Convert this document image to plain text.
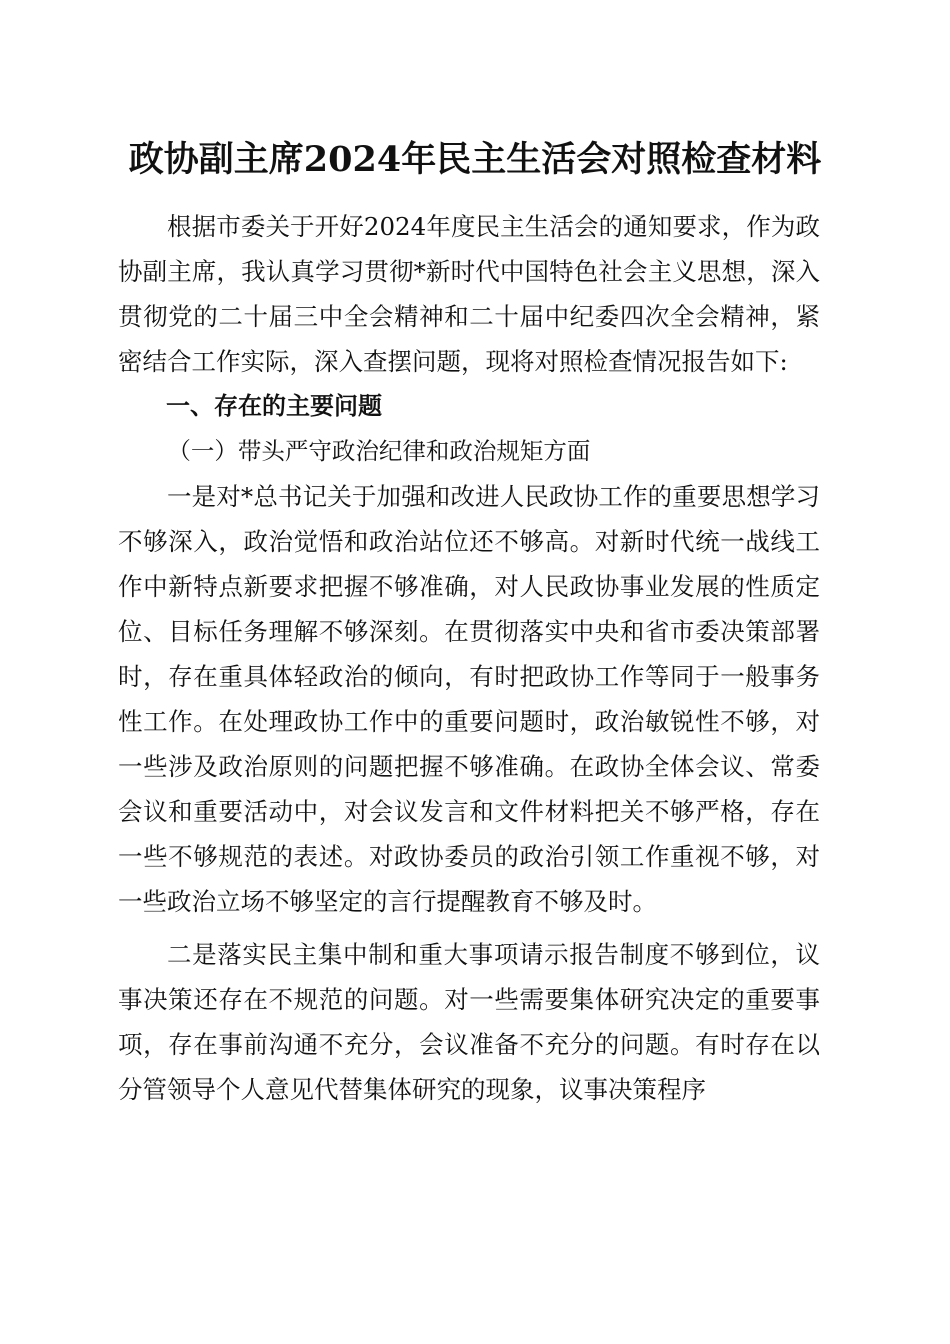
政协副主席2024年民主生活会对照检查材料

根据市委关于开好2024年度民主生活会的通知要求，作为政协副主席，我认真学习贯彻*新时代中国特色社会主义思想，深入贯彻党的二十届三中全会精神和二十届中纪委四次全会精神，紧密结合工作实际，深入查摆问题，现将对照检查情况报告如下:

一、存在的主要问题

（一）带头严守政治纪律和政治规矩方面

一是对*总书记关于加强和改进人民政协工作的重要思想学习不够深入，政治觉悟和政治站位还不够高。对新时代统一战线工作中新特点新要求把握不够准确，对人民政协事业发展的性质定位、目标任务理解不够深刻。在贯彻落实中央和省市委决策部署时，存在重具体轻政治的倾向，有时把政协工作等同于一般事务性工作。在处理政协工作中的重要问题时，政治敏锐性不够，对一些涉及政治原则的问题把握不够准确。在政协全体会议、常委会议和重要活动中，对会议发言和文件材料把关不够严格，存在一些不够规范的表述。对政协委员的政治引领工作重视不够，对一些政治立场不够坚定的言行提醒教育不够及时。

二是落实民主集中制和重大事项请示报告制度不够到位，议事决策还存在不规范的问题。对一些需要集体研究决定的重要事项，存在事前沟通不充分，会议准备不充分的问题。有时存在以分管领导个人意见代替集体研究的现象，议事决策程序
